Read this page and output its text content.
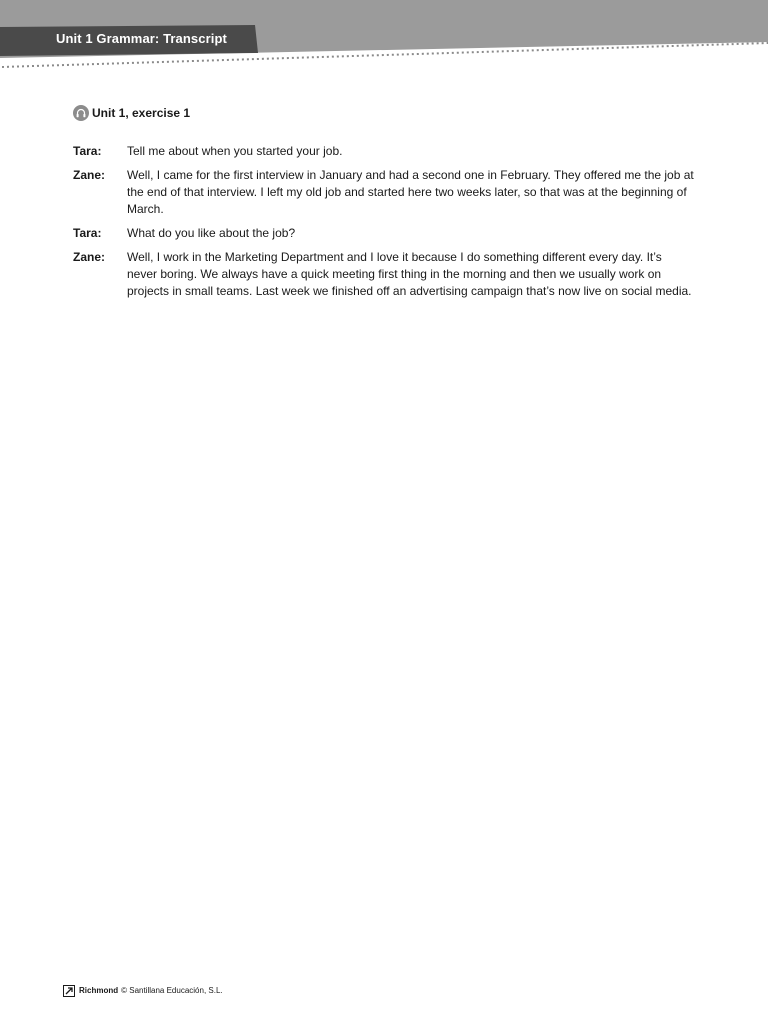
Unit 1 Grammar: Transcript
Unit 1, exercise 1
Tara:	Tell me about when you started your job.
Zane:	Well, I came for the first interview in January and had a second one in February. They offered me the job at the end of that interview. I left my old job and started here two weeks later, so that was at the beginning of March.
Tara:	What do you like about the job?
Zane:	Well, I work in the Marketing Department and I love it because I do something different every day. It’s never boring. We always have a quick meeting first thing in the morning and then we usually work on projects in small teams. Last week we finished off an advertising campaign that’s now live on social media.
Richmond © Santillana Educación, S.L.
